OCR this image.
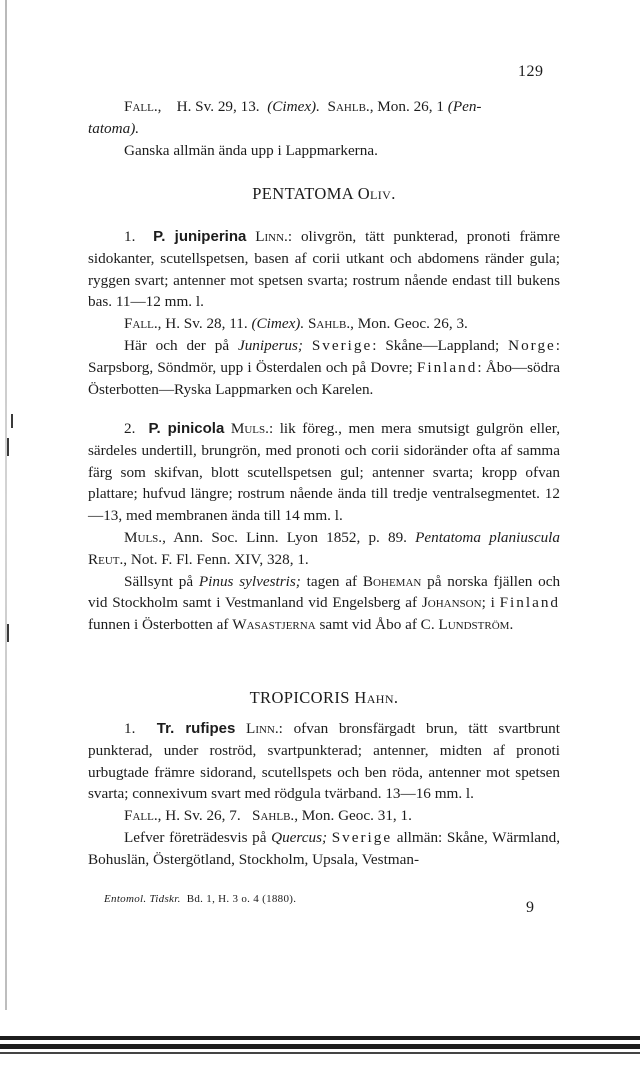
129
Fall., H. Sv. 29, 13. (Cimex). Sahlb., Mon. 26, 1 (Pen-
tatoma).
Ganska allmän ända upp i Lappmarkerna.
PENTATOMA Oliv.
1. P. juniperina Linn.: olivgrön, tätt punkterad, pronoti främre sidokanter, scutellspetsen, basen af corii utkant och abdomens ränder gula; ryggen svart; antenner mot spetsen svarta; rostrum nående endast till bukens bas. 11—12 mm. l.
Fall., H. Sv. 28, 11. (Cimex). Sahlb., Mon. Geoc. 26, 3.
Här och der på Juniperus; Sverige: Skåne—Lappland; Norge: Sarpsborg, Söndmör, upp i Österdalen och på Dovre; Finland: Åbo—södra Österbotten—Ryska Lappmarken och Karelen.
2. P. pinicola Muls.: lik föreg., men mera smutsigt gulgrön eller, särdeles undertill, brungrön, med pronoti och corii sidoränder ofta af samma färg som skifvan, blott scutellspetsen gul; antenner svarta; kropp ofvan plattare; hufvud längre; rostrum nående ända till tredje ventralsegmentet. 12—13, med membranen ända till 14 mm. l.
Muls., Ann. Soc. Linn. Lyon 1852, p. 89. Pentatoma planiuscula Reut., Not. F. Fl. Fenn. XIV, 328, 1.
Sällsynt på Pinus sylvestris; tagen af Boheman på norska fjällen och vid Stockholm samt i Vestmanland vid Engelsberg af Johanson; i Finland funnen i Österbotten af Wasastjerna samt vid Åbo af C. Lundström.
TROPICORIS Hahn.
1. Tr. rufipes Linn.: ofvan bronsfärgadt brun, tätt svartbrunt punkterad, under roströd, svartpunkterad; antenner, midten af pronoti urbugtade främre sidorand, scutellspets och ben röda, antenner mot spetsen svarta; connexivum svart med rödgula tvärband. 13—16 mm. l.
Fall., H. Sv. 26, 7. Sahlb., Mon. Geoc. 31, 1.
Lefver företrädesvis på Quercus; Sverige allmän: Skåne, Wärmland, Bohuslän, Östergötland, Stockholm, Upsala, Vestman-
Entomol. Tidskr. Bd. 1, H. 3 o. 4 (1880).	9
